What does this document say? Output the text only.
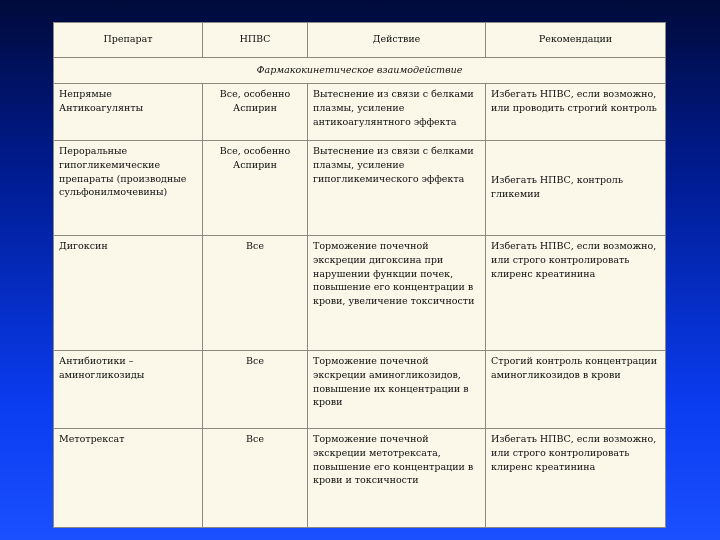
Препарат	НПВС	Действие	Рекомендации
Фармакокинетическое взаимодействие			
Непрямые Антикоагулянты	Все, особенно Аспирин	Вытеснение из связи с белками плазмы, усиление антикоагулянтного эффекта	Избегать НПВС, если возможно, или проводить строгий контроль
Пероральные гипогликемические препараты (производные сульфонилмочевины)	Все, особенно Аспирин	Вытеснение из связи с белками плазмы, усиление гипогликемического эффекта	Избегать НПВС, контроль гликемии
Дигоксин	Все	Торможение почечной экскреции дигоксина при нарушении функции почек, повышение его концентрации в крови, увеличение токсичности	Избегать НПВС, если возможно, или строго контролировать клиренс креатинина
Антибиотики – аминогликозиды	Все	Торможение почечной экскреции аминогликозидов, повышение их концентрации в крови	Строгий контроль концентрации аминогликозидов в крови
Метотрексат	Все	Торможение почечной экскреции метотрексата, повышение его концентрации в крови и токсичности	Избегать НПВС, если возможно, или строго контролировать клиренс креатинина
